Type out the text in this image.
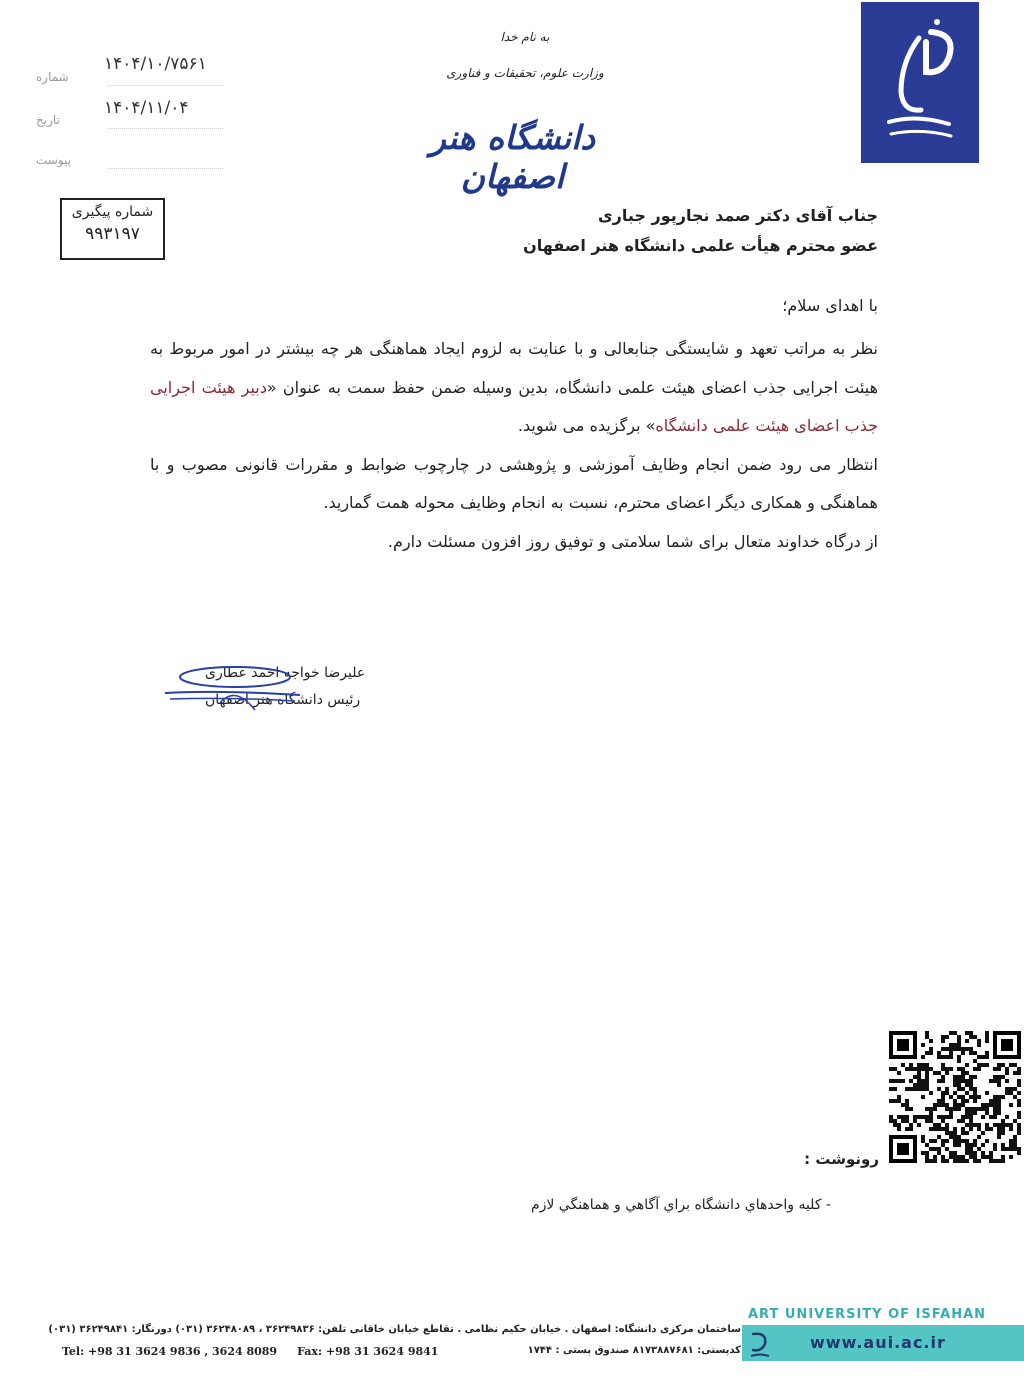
شماره
۱۴۰۴/۱۰/۷۵۶۱
تاریخ
۱۴۰۴/۱۱/۰۴
پیوست
به نام خدا
وزارت علوم، تحقیقات و فناوری
دانشگاه هنر اصفهان
شماره پیگیری
۹۹۳۱۹۷
جناب آقای دکتر صمد نجارپور جباری
عضو محترم هیأت علمی دانشگاه هنر اصفهان
با اهدای سلام؛
نظر به مراتب تعهد و شایستگی جنابعالی و با عنایت به لزوم ایجاد هماهنگی هر چه بیشتر در امور مربوط به هیئت اجرایی جذب اعضای هیئت علمی دانشگاه، بدین وسیله ضمن حفظ سمت به عنوان «دبیر هیئت اجرایی جذب اعضای هیئت علمی دانشگاه» برگزیده می شوید.
انتظار می رود ضمن انجام وظایف آموزشی و پژوهشی در چارچوب ضوابط و مقررات قانونی مصوب و با هماهنگی و همکاری دیگر اعضای محترم، نسبت به انجام وظایف محوله همت گمارید.
از درگاه خداوند متعال برای شما سلامتی و توفیق روز افزون مسئلت دارم.
علیرضا خواجه احمد عطاری
رئیس دانشگاه هنر اصفهان
رونوشت :
- کليه واحدهاي دانشگاه براي آگاهي و هماهنگي لازم
ART UNIVERSITY OF ISFAHAN
www.aui.ac.ir
ساختمان مرکزی دانشگاه: اصفهان . خیابان حکیم نظامی . تقاطع خیابان خاقانی تلفن: ۳۶۲۴۹۸۳۶ ، ۳۶۲۴۸۰۸۹ (۰۳۱) دورنگار: ۳۶۲۴۹۸۴۱ (۰۳۱)
کدپستی: ۸۱۷۳۸۸۷۶۸۱ صندوق پستی : ۱۷۴۴
Tel: +98 31 3624 9836 , 3624 8089 Fax: +98 31 3624 9841
